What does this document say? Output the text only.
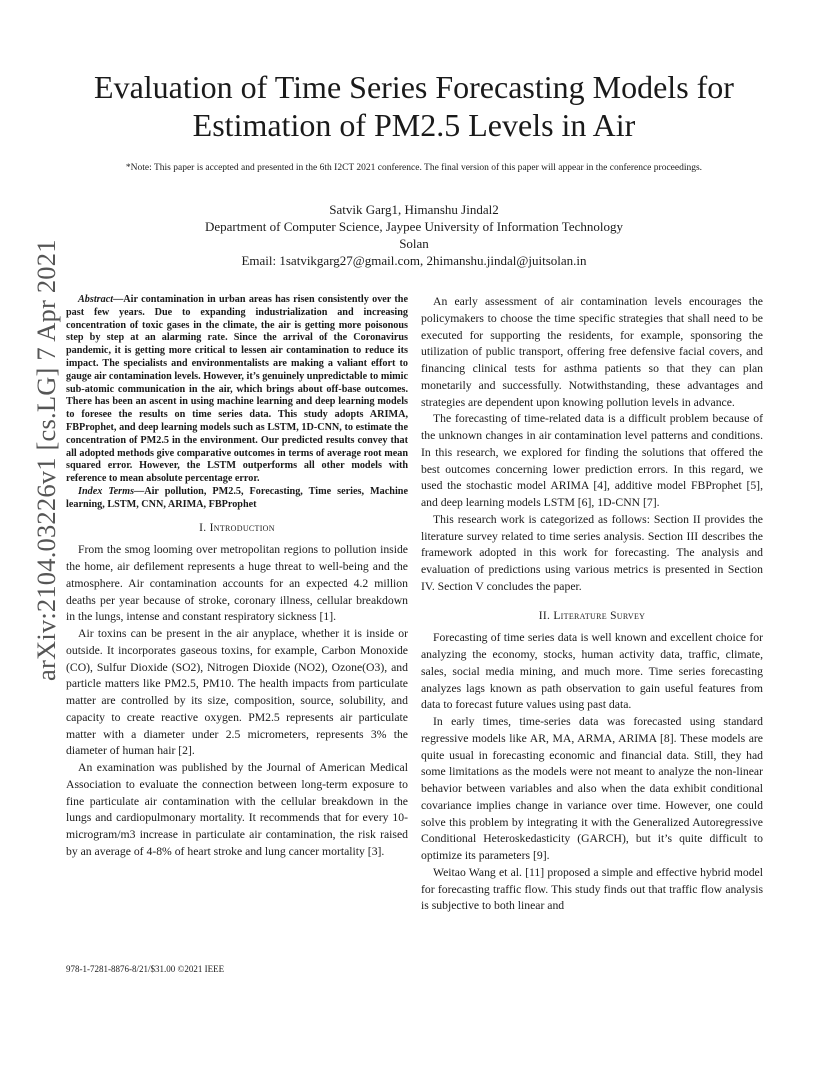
Evaluation of Time Series Forecasting Models for
Estimation of PM2.5 Levels in Air
*Note: This paper is accepted and presented in the 6th I2CT 2021 conference. The final version of this paper will appear in the conference proceedings.
Satvik Garg1, Himanshu Jindal2
Department of Computer Science, Jaypee University of Information Technology
Solan
Email: 1satvikgarg27@gmail.com, 2himanshu.jindal@juitsolan.in
arXiv:2104.03226v1 [cs.LG] 7 Apr 2021	Abstract—Air contamination in urban areas has risen consistently over the past few years. Due to expanding industrialization and increasing concentration of toxic gases in the climate, the air is getting more poisonous step by step at an alarming rate. Since the arrival of the Coronavirus pandemic, it is getting more critical to lessen air contamination to reduce its impact. The specialists and environmentalists are making a valiant effort to gauge air contamination levels. However, it’s genuinely unpredictable to mimic sub-atomic communication in the air, which brings about off-base outcomes. There has been an ascent in using machine learning and deep learning models to foresee the results on time series data. This study adopts ARIMA, FBProphet, and deep learning models such as LSTM, 1D-CNN, to estimate the concentration of PM2.5 in the environment. Our predicted results convey that all adopted methods give comparative outcomes in terms of average root mean squared error. However, the LSTM outperforms all other models with reference to mean absolute percentage error.

Index Terms—Air pollution, PM2.5, Forecasting, Time series, Machine learning, LSTM, CNN, ARIMA, FBProphet

I. Introduction

From the smog looming over metropolitan regions to pollution inside the home, air defilement represents a huge threat to well-being and the atmosphere. Air contamination accounts for an expected 4.2 million deaths per year because of stroke, coronary illness, cellular breakdown in the lungs, intense and constant respiratory sickness [1].

Air toxins can be present in the air anyplace, whether it is inside or outside. It incorporates gaseous toxins, for example, Carbon Monoxide (CO), Sulfur Dioxide (SO2), Nitrogen Dioxide (NO2), Ozone(O3), and particle matters like PM2.5, PM10. The health impacts from particulate matter are controlled by its size, composition, source, solubility, and capacity to create reactive oxygen. PM2.5 represents air particulate matter with a diameter under 2.5 micrometers, represents 3% the diameter of human hair [2].

An examination was published by the Journal of American Medical Association to evaluate the connection between long-term exposure to fine particulate air contamination with the cellular breakdown in the lungs and cardiopulmonary mortality. It recommends that for every 10-microgram/m3 increase in particulate air contamination, the risk raised by an average of 4-8% of heart stroke and lung cancer mortality [3].

978-1-7281-8876-8/21/$31.00 ©2021 IEEE

An early assessment of air contamination levels encourages the policymakers to choose the time specific strategies that shall need to be executed for supporting the residents, for example, sponsoring the utilization of public transport, offering free defensive facial covers, and financing clinical tests for asthma patients so that they can plan monetarily and successfully. Notwithstanding, these advantages and strategies are dependent upon knowing pollution levels in advance.

The forecasting of time-related data is a difficult problem because of the unknown changes in air contamination level patterns and conditions. In this research, we explored for finding the solutions that offered the best outcomes concerning lower prediction errors. In this regard, we used the stochastic model ARIMA [4], additive model FBProphet [5], and deep learning models LSTM [6], 1D-CNN [7].

This research work is categorized as follows: Section II provides the literature survey related to time series analysis. Section III describes the framework adopted in this work for forecasting. The analysis and evaluation of predictions using various metrics is presented in Section IV. Section V concludes the paper.

II. Literature Survey

Forecasting of time series data is well known and excellent choice for analyzing the economy, stocks, human activity data, traffic, climate, sales, social media mining, and much more. Time series forecasting analyzes lags known as path observation to gain useful features from data to forecast future values using past data.

In early times, time-series data was forecasted using standard regressive models like AR, MA, ARMA, ARIMA [8]. These models are quite usual in forecasting economic and financial data. Still, they had some limitations as the models were not meant to analyze the non-linear behavior between variables and also when the data exhibit conditional covariance implies change in variance over time. However, one could solve this problem by integrating it with the Generalized Autoregressive Conditional Heteroskedasticity (GARCH), but it’s quite difficult to optimize its parameters [9].

Weitao Wang et al. [11] proposed a simple and effective hybrid model for forecasting traffic flow. This study finds out that traffic flow analysis is subjective to both linear and
